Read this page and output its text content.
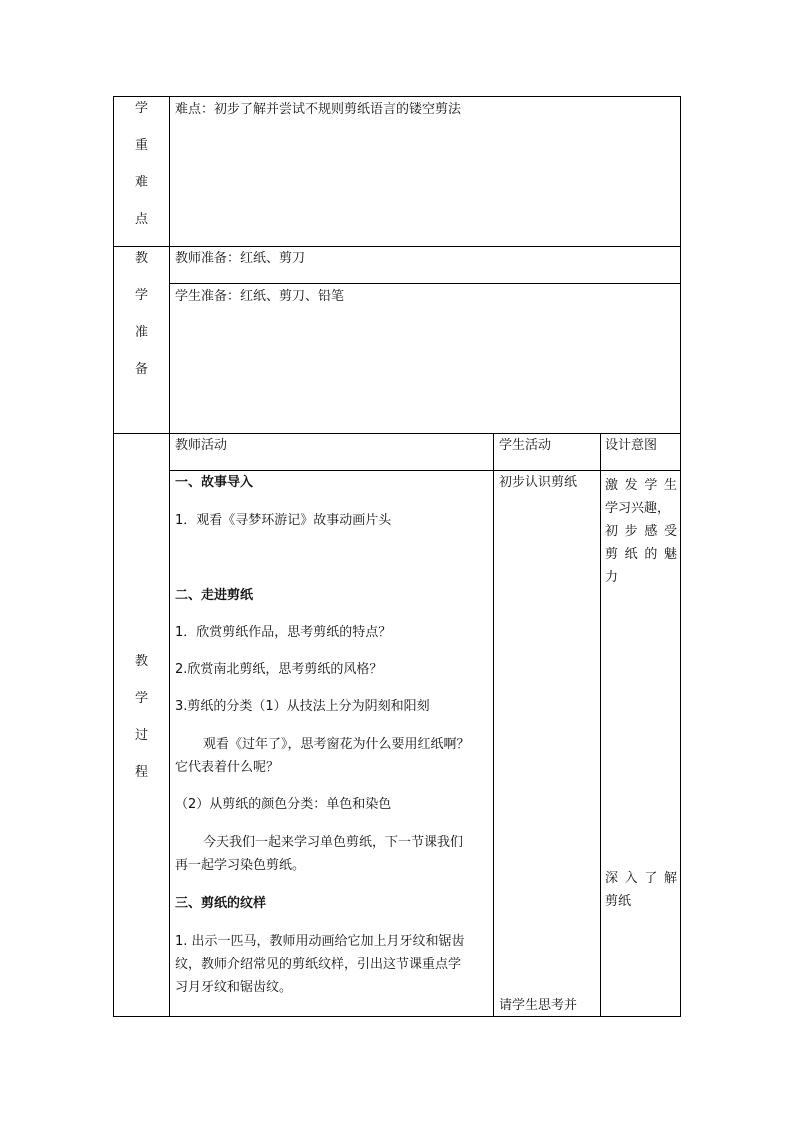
学
重
难
点
难点：初步了解并尝试不规则剪纸语言的镂空剪法
教
学
准
备
教师准备：红纸、剪刀
学生准备：红纸、剪刀、铅笔
教
学
过
程
教师活动	学生活动	设计意图
一、故事导入
1．观看《寻梦环游记》故事动画片头
二、走进剪纸
1．欣赏剪纸作品，思考剪纸的特点？
2.欣赏南北剪纸，思考剪纸的风格？
3.剪纸的分类（1）从技法上分为阴刻和阳刻
观看《过年了》，思考窗花为什么要用红纸啊？
它代表着什么呢？
（2）从剪纸的颜色分类：单色和染色
今天我们一起来学习单色剪纸，下一节课我们
再一起学习染色剪纸。
三、剪纸的纹样
1. 出示一匹马，教师用动画给它加上月牙纹和锯齿
纹，教师介绍常见的剪纸纹样，引出这节课重点学
习月牙纹和锯齿纹。
初步认识剪纸
请学生思考并
激发学生
学习兴趣，
初步感受
剪纸的魅
力
深入了解
剪纸
